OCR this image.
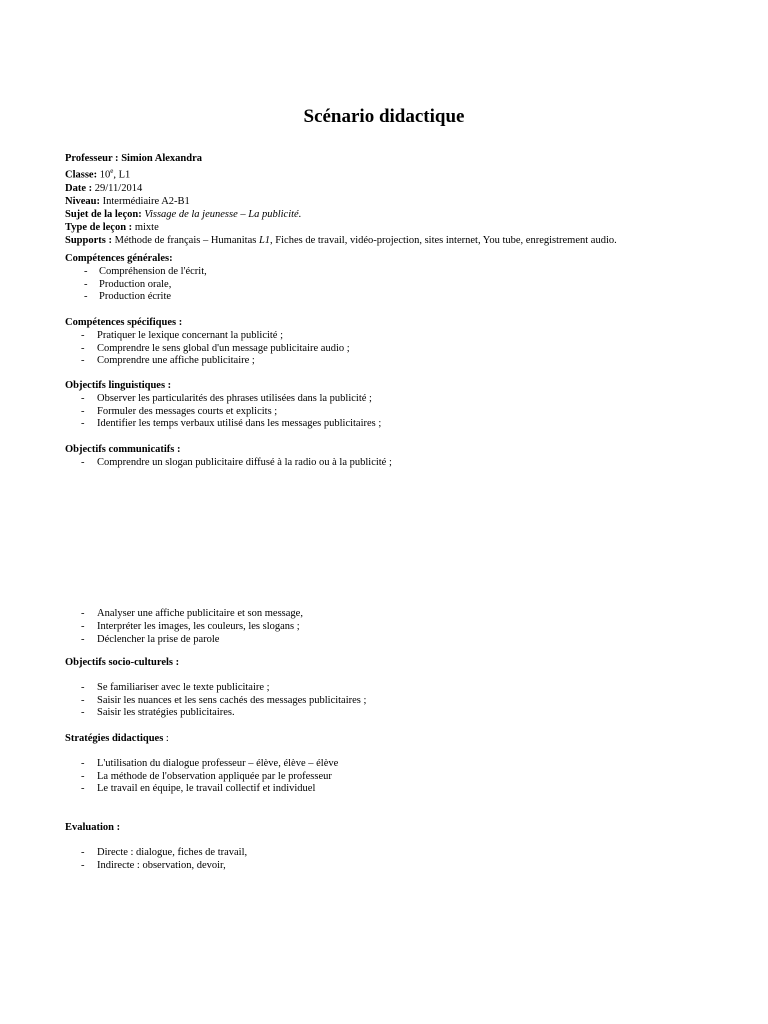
Scénario didactique
Professeur : Simion Alexandra
Classe: 10e, L1
Date : 29/11/2014
Niveau: Intermédiaire A2-B1
Sujet de la leçon: Vissage de la jeunesse – La publicité.
Type de leçon : mixte
Supports : Méthode de français – Humanitas L1, Fiches de travail, vidéo-projection, sites internet, You tube, enregistrement audio.
Compétences générales:
- Compréhension de l'écrit,
- Production orale,
- Production écrite
Compétences spécifiques :
- Pratiquer le lexique concernant la publicité ;
- Comprendre le sens global d'un message publicitaire audio ;
- Comprendre une affiche publicitaire ;
Objectifs linguistiques :
- Observer les particularités des phrases utilisées dans la publicité ;
- Formuler des messages courts et explicits ;
- Identifier les temps verbaux utilisé dans les messages publicitaires ;
Objectifs communicatifs :
- Comprendre un slogan publicitaire diffusé à la radio ou à la publicité ;
- Analyser une affiche publicitaire et son message,
- Interpréter les images, les couleurs, les slogans ;
- Déclencher la prise de parole
Objectifs socio-culturels :
- Se familiariser avec le texte publicitaire ;
- Saisir les nuances et les sens cachés des messages publicitaires ;
- Saisir les stratégies publicitaires.
Stratégies didactiques :
- L'utilisation du dialogue professeur – élève, élève – élève
- La méthode de l'observation appliquée par le professeur
- Le travail en équipe, le travail collectif et individuel
Evaluation :
- Directe : dialogue, fiches de travail,
- Indirecte : observation, devoir,
